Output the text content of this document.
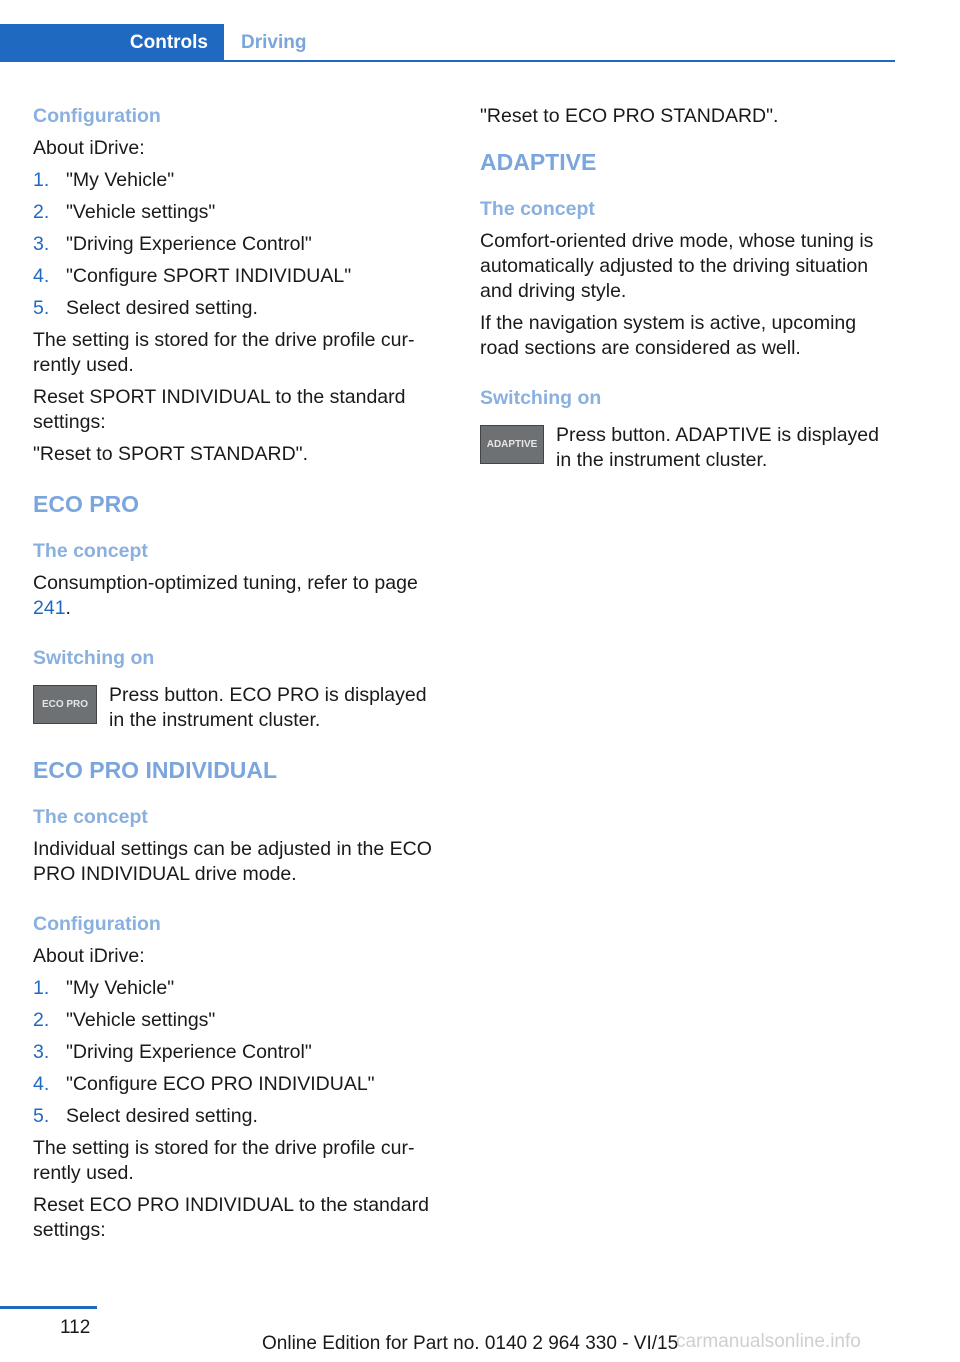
Controls	Driving
Configuration

About iDrive:

1. "My Vehicle"
2. "Vehicle settings"
3. "Driving Experience Control"
4. "Configure SPORT INDIVIDUAL"
5. Select desired setting.

The setting is stored for the drive profile cur-rently used.

Reset SPORT INDIVIDUAL to the standard settings:

"Reset to SPORT STANDARD".

ECO PRO
The concept

Consumption-optimized tuning, refer to page 241.

Switching on
ECO PRO	Press button. ECO PRO is displayed in the instrument cluster.

ECO PRO INDIVIDUAL
The concept

Individual settings can be adjusted in the ECO PRO INDIVIDUAL drive mode.

Configuration

About iDrive:

1. "My Vehicle"
2. "Vehicle settings"
3. "Driving Experience Control"
4. "Configure ECO PRO INDIVIDUAL"
5. Select desired setting.

The setting is stored for the drive profile cur-rently used.

Reset ECO PRO INDIVIDUAL to the standard settings:

"Reset to ECO PRO STANDARD".

ADAPTIVE
The concept

Comfort-oriented drive mode, whose tuning is automatically adjusted to the driving situation and driving style.

If the navigation system is active, upcoming road sections are considered as well.

Switching on
ADAPTIVE Press button. ADAPTIVE is displayed in the instrument cluster.

112
Online Edition for Part no. 0140 2 964 330 - VI/15
carmanualsonline.info
